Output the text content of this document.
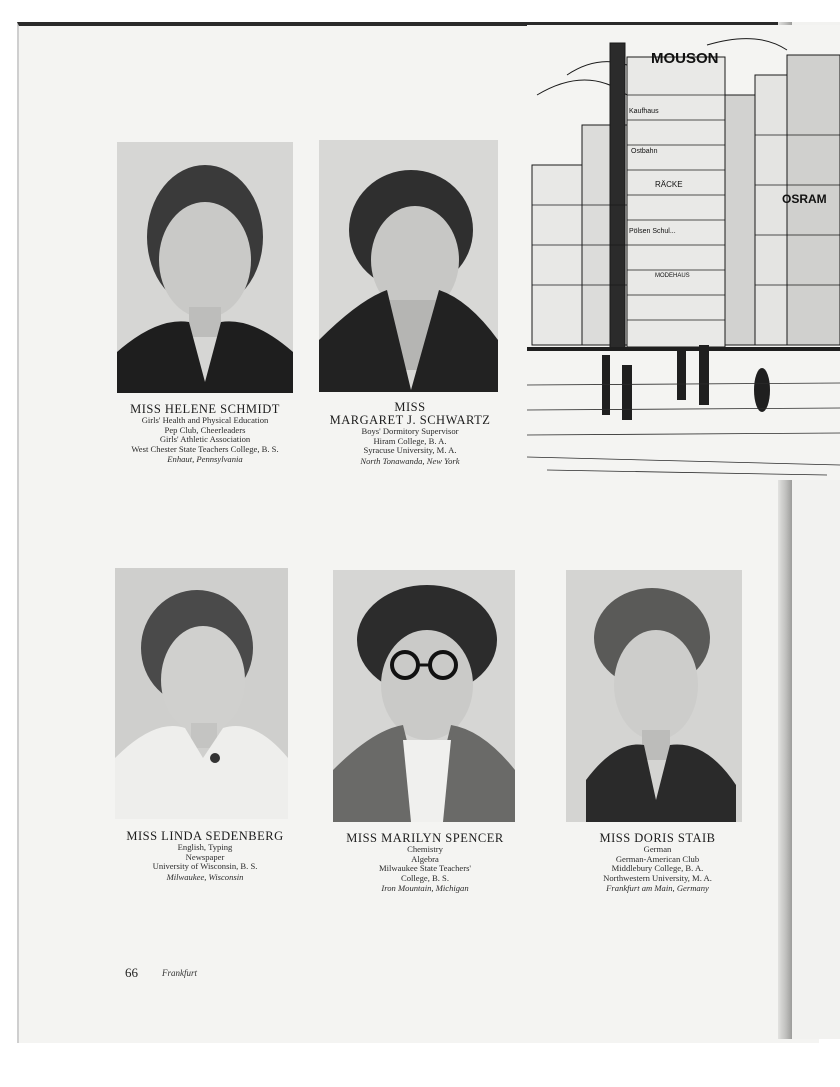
MOUSON
Kaufhaus
Ostbahn
Pölsen Schul...
RÄCKE
OSRAM
MODEHAUS
MISS HELENE SCHMIDT
Girls' Health and Physical Education
Pep Club, Cheerleaders
Girls' Athletic Association
West Chester State Teachers College, B. S.
Enhaut, Pennsylvania
MISS
MARGARET J. SCHWARTZ
Boys' Dormitory Supervisor
Hiram College, B. A.
Syracuse University, M. A.
North Tonawanda, New York
MISS LINDA SEDENBERG
English, Typing
Newspaper
University of Wisconsin, B. S.
Milwaukee, Wisconsin
MISS MARILYN SPENCER
Chemistry
Algebra
Milwaukee State Teachers'
College, B. S.
Iron Mountain, Michigan
MISS DORIS STAIB
German
German-American Club
Middlebury College, B. A.
Northwestern University, M. A.
Frankfurt am Main, Germany
66	Frankfurt
